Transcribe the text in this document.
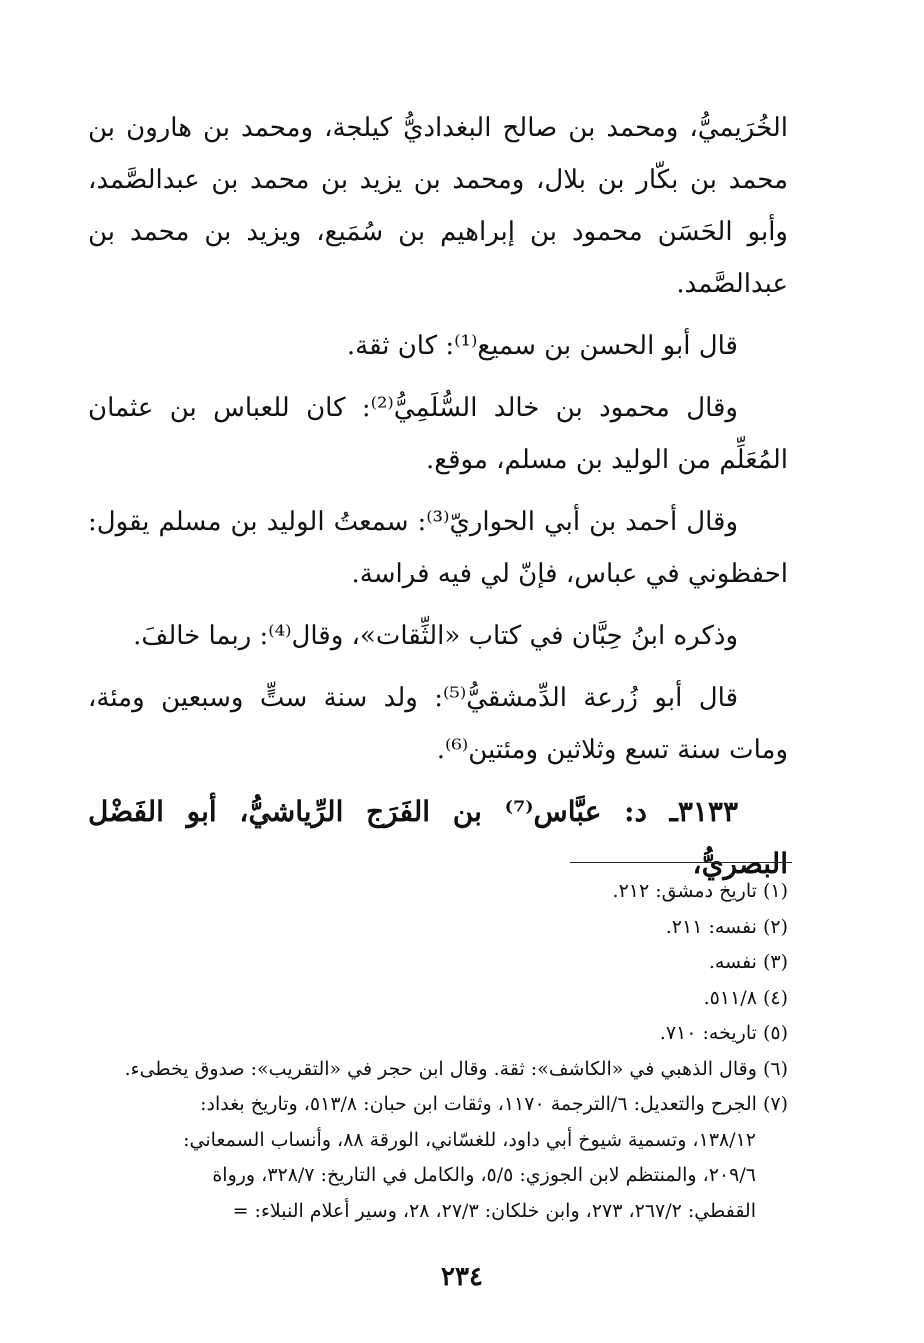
الخُرَيميُّ، ومحمد بن صالح البغداديُّ كيلجة، ومحمد بن هارون بن محمد بن بكّار بن بلال، ومحمد بن يزيد بن محمد بن عبدالصَّمد، وأبو الحَسَن محمود بن إبراهيم بن سُمَيع، ويزيد بن محمد بن عبدالصَّمد.

قال أبو الحسن بن سميع⁽¹⁾: كان ثقة.

وقال محمود بن خالد السُّلَمِيُّ⁽²⁾: كان للعباس بن عثمان المُعَلِّم من الوليد بن مسلم، موقع.

وقال أحمد بن أبي الحواريّ⁽³⁾: سمعتُ الوليد بن مسلم يقول: احفظوني في عباس، فإنّ لي فيه فراسة.

وذكره ابنُ حِبَّان في كتاب «الثِّقات»، وقال⁽⁴⁾: ربما خالفَ.

قال أبو زُرعة الدِّمشقيُّ⁽⁵⁾: ولد سنة ستٍّ وسبعين ومئة، ومات سنة تسع وثلاثين ومئتين⁽⁶⁾.

٣١٣٣ـ د: عبَّاس⁽⁷⁾ بن الفَرَج الرِّياشيُّ، أبو الفَضْل البصريُّ،

(١) تاريخ دمشق: ٢١٢.

(٢) نفسه: ٢١١.

(٣) نفسه.

(٤) ٥١١/٨.

(٥) تاريخه: ٧١٠.

(٦) وقال الذهبي في «الكاشف»: ثقة. وقال ابن حجر في «التقريب»: صدوق يخطىء.

(٧) الجرح والتعديل: ٦/الترجمة ١١٧٠، وثقات ابن حبان: ٥١٣/٨، وتاريخ بغداد:

١٣٨/١٢، وتسمية شيوخ أبي داود، للغسّاني، الورقة ٨٨، وأنساب السمعاني:

٢٠٩/٦، والمنتظم لابن الجوزي: ٥/٥، والكامل في التاريخ: ٣٢٨/٧، ورواة

القفطي: ٢٦٧/٢، ٢٧٣، وابن خلكان: ٢٧/٣، ٢٨، وسير أعلام النبلاء: =

٢٣٤
